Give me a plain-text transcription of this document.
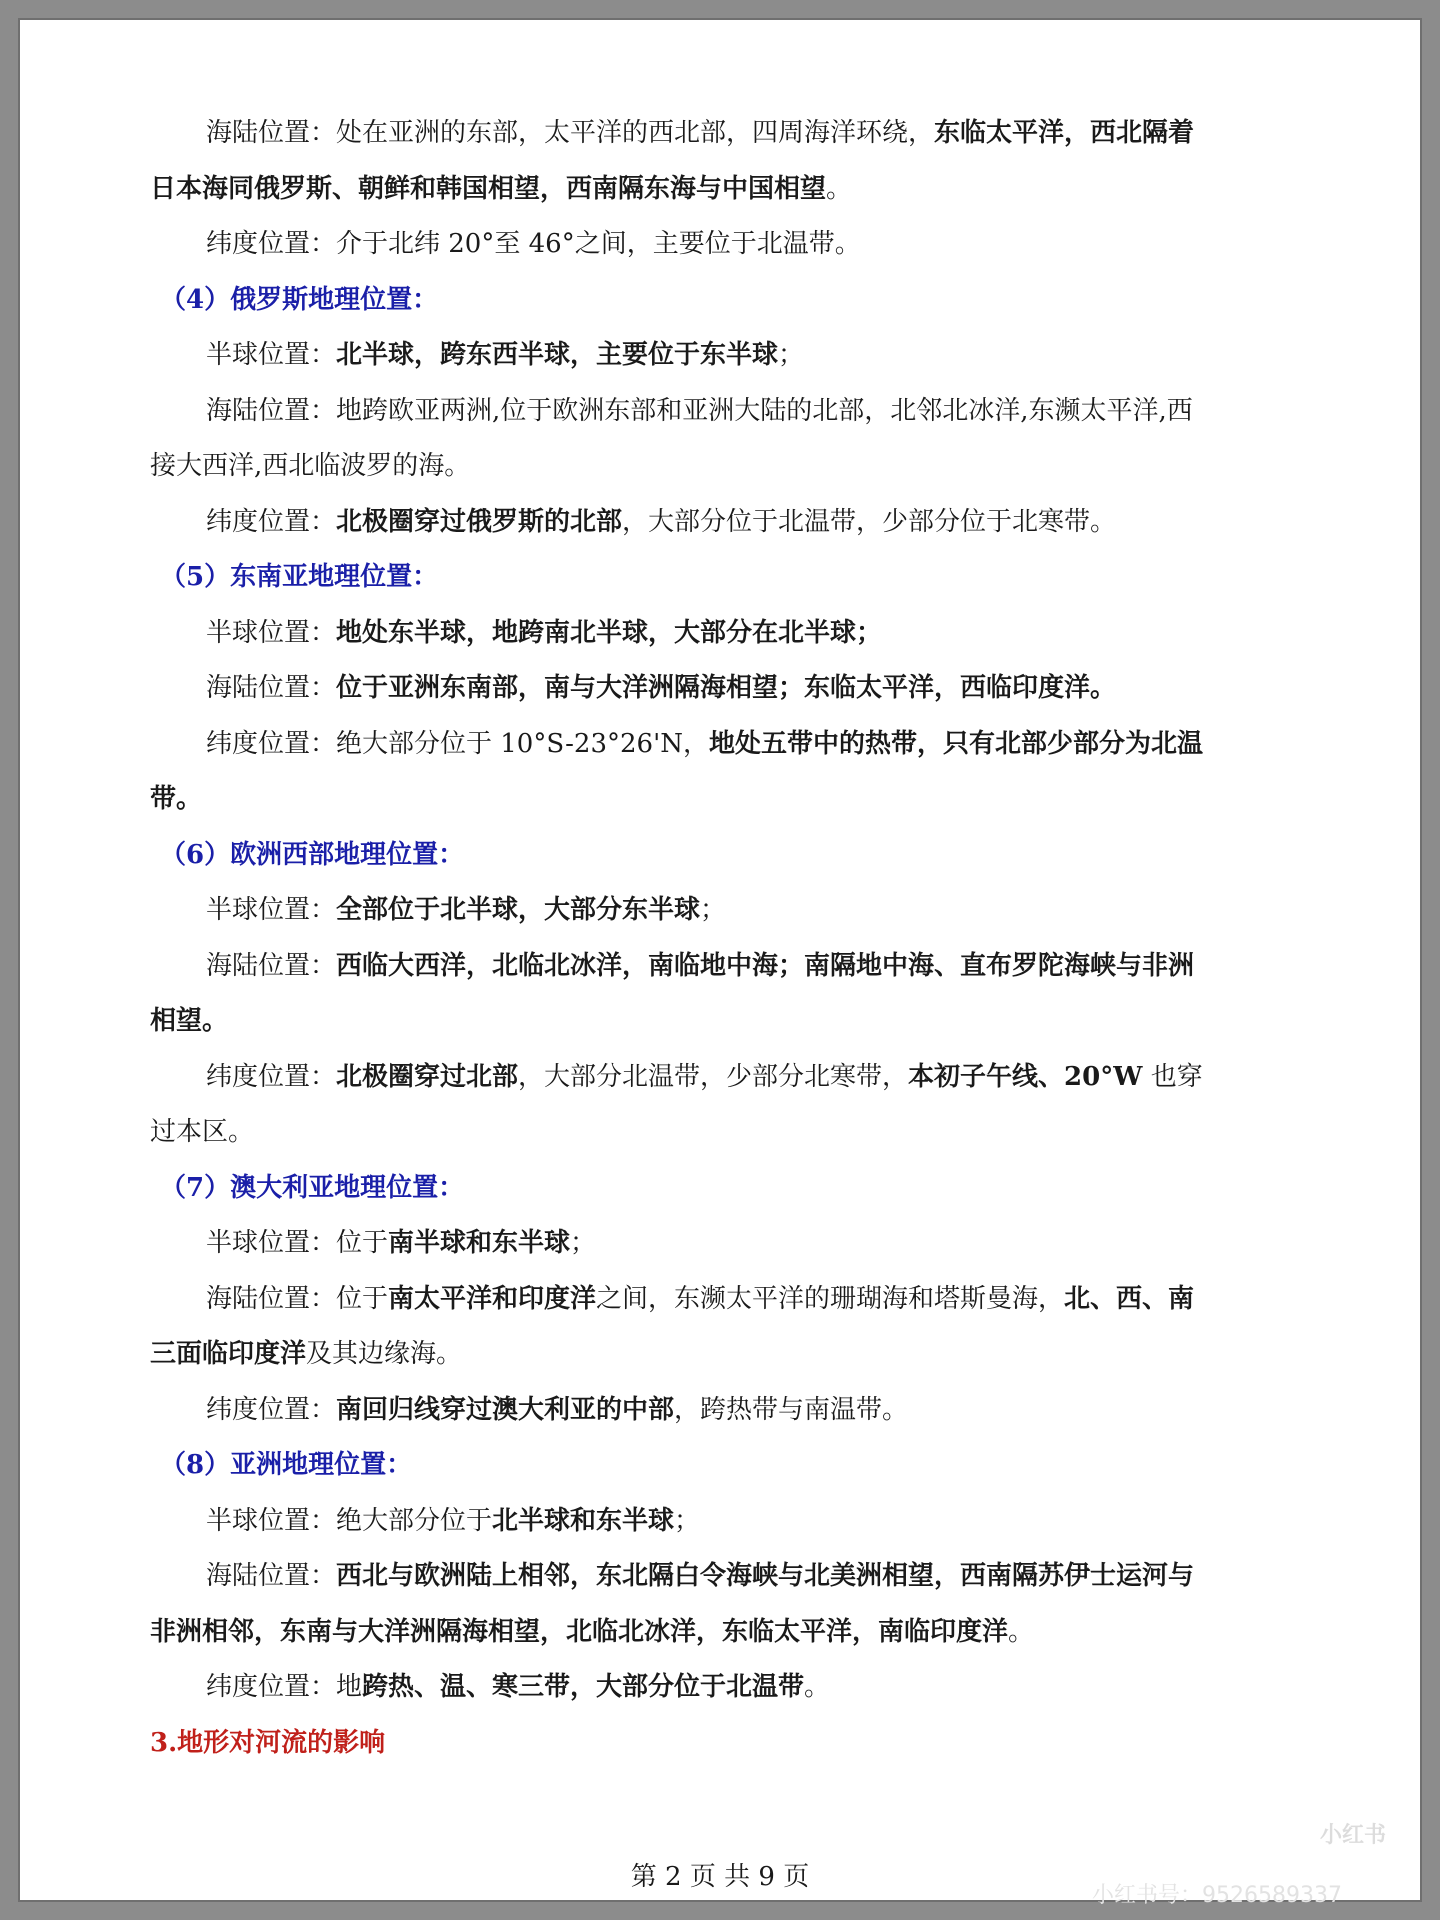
海陆位置：处在亚洲的东部，太平洋的西北部，四周海洋环绕，东临太平洋，西北隔着
日本海同俄罗斯、朝鲜和韩国相望，西南隔东海与中国相望。
纬度位置：介于北纬 20°至 46°之间，主要位于北温带。
（4）俄罗斯地理位置：
半球位置：北半球，跨东西半球，主要位于东半球；
海陆位置：地跨欧亚两洲,位于欧洲东部和亚洲大陆的北部，北邻北冰洋,东濒太平洋,西
接大西洋,西北临波罗的海。
纬度位置：北极圈穿过俄罗斯的北部，大部分位于北温带，少部分位于北寒带。
（5）东南亚地理位置：
半球位置：地处东半球，地跨南北半球，大部分在北半球；
海陆位置：位于亚洲东南部，南与大洋洲隔海相望；东临太平洋，西临印度洋。
纬度位置：绝大部分位于 10°S-23°26'N，地处五带中的热带，只有北部少部分为北温
带。
（6）欧洲西部地理位置：
半球位置：全部位于北半球，大部分东半球；
海陆位置：西临大西洋，北临北冰洋，南临地中海；南隔地中海、直布罗陀海峡与非洲
相望。
纬度位置：北极圈穿过北部，大部分北温带，少部分北寒带，本初子午线、20°W 也穿
过本区。
（7）澳大利亚地理位置：
半球位置：位于南半球和东半球；
海陆位置：位于南太平洋和印度洋之间，东濒太平洋的珊瑚海和塔斯曼海，北、西、南
三面临印度洋及其边缘海。
纬度位置：南回归线穿过澳大利亚的中部，跨热带与南温带。
（8）亚洲地理位置：
半球位置：绝大部分位于北半球和东半球；
海陆位置：西北与欧洲陆上相邻，东北隔白令海峡与北美洲相望，西南隔苏伊士运河与
非洲相邻，东南与大洋洲隔海相望，北临北冰洋，东临太平洋，南临印度洋。
纬度位置：地跨热、温、寒三带，大部分位于北温带。
3.地形对河流的影响
第 2 页 共 9 页
小红书
小红书号：9526589337
